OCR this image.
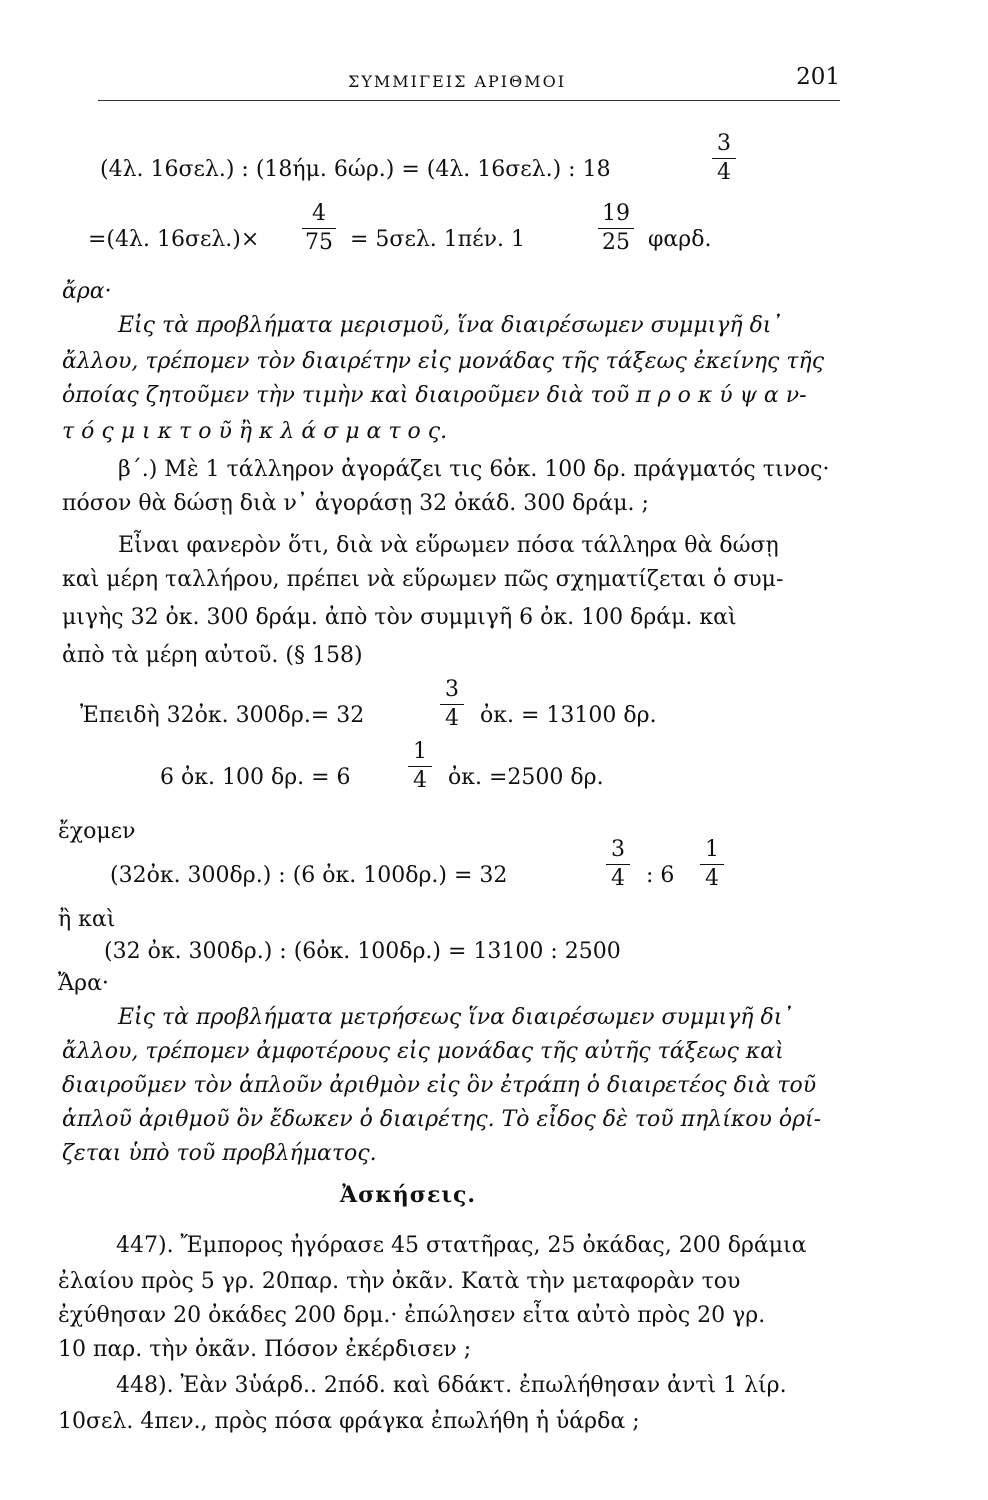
ΣΥΜΜΙΓΕΙΣ ΑΡΙΘΜΟΙ	201
(4λ. 16σελ.) : (18ήμ. 6ώρ.) = (4λ. 16σελ.) : 18
3
4
=(4λ. 16σελ.)×
4
75 = 5σελ. 1πέν. 1
19
25 φαρδ.
ἄρα·
Εἰς τὰ προβλήματα μερισμοῦ, ἵνα διαιρέσωμεν συμμιγῆ δι᾽
ἄλλου, τρέπομεν τὸν διαιρέτην εἰς μονάδας τῆς τάξεως ἐκείνης τῆς
ὁποίας ζητοῦμεν τὴν τιμὴν καὶ διαιροῦμεν διὰ τοῦ π ρ ο κ ύ ψ α ν-
τ ό ς μ ι κ τ ο ῦ ἢ κ λ ά σ μ α τ ο ς.
β΄.) Μὲ 1 τάλληρον ἀγοράζει τις 6ὀκ. 100 δρ. πράγματός τινος·
πόσον θὰ δώσῃ διὰ ν᾽ ἀγοράσῃ 32 ὀκάδ. 300 δράμ. ;
Εἶναι φανερὸν ὅτι, διὰ νὰ εὕρωμεν πόσα τάλληρα θὰ δώσῃ
καὶ μέρη ταλλήρου, πρέπει νὰ εὕρωμεν πῶς σχηματίζεται ὁ συμ-
μιγὴς 32 ὀκ. 300 δράμ. ἀπὸ τὸν συμμιγῆ 6 ὀκ. 100 δράμ. καὶ
ἀπὸ τὰ μέρη αὐτοῦ. (§ 158)
Ἐπειδὴ 32ὀκ. 300δρ.= 32
3
4 ὀκ. = 13100 δρ.
6 ὀκ. 100 δρ. = 6
1
4 ὀκ. =2500 δρ.
ἔχομεν
(32ὀκ. 300δρ.) : (6 ὀκ. 100δρ.) = 32
3
4 : 6
1
4
ἢ καὶ
(32 ὀκ. 300δρ.) : (6ὀκ. 100δρ.) = 13100 : 2500
Ἄρα·
Εἰς τὰ προβλήματα μετρήσεως ἵνα διαιρέσωμεν συμμιγῆ δι᾽
ἄλλου, τρέπομεν ἀμφοτέρους εἰς μονάδας τῆς αὐτῆς τάξεως καὶ
διαιροῦμεν τὸν ἁπλοῦν ἀριθμὸν εἰς ὃν ἐτράπη ὁ διαιρετέος διὰ τοῦ
ἁπλοῦ ἀριθμοῦ ὃν ἔδωκεν ὁ διαιρέτης. Τὸ εἶδος δὲ τοῦ πηλίκου ὁρί-
ζεται ὑπὸ τοῦ προβλήματος.
Ἀσκήσεις.
447). Ἔμπορος ἠγόρασε 45 στατῆρας, 25 ὀκάδας, 200 δράμια
ἐλαίου πρὸς 5 γρ. 20παρ. τὴν ὀκᾶν. Κατὰ τὴν μεταφορὰν του
ἐχύθησαν 20 ὀκάδες 200 δρμ.· ἐπώλησεν εἶτα αὐτὸ πρὸς 20 γρ.
10 παρ. τὴν ὀκᾶν. Πόσον ἐκέρδισεν ;
448). Ἐὰν 3ὑάρδ.. 2πόδ. καὶ 6δάκτ. ἐπωλήθησαν ἀντὶ 1 λίρ.
10σελ. 4πεν., πρὸς πόσα φράγκα ἐπωλήθη ἡ ὑάρδα ;
